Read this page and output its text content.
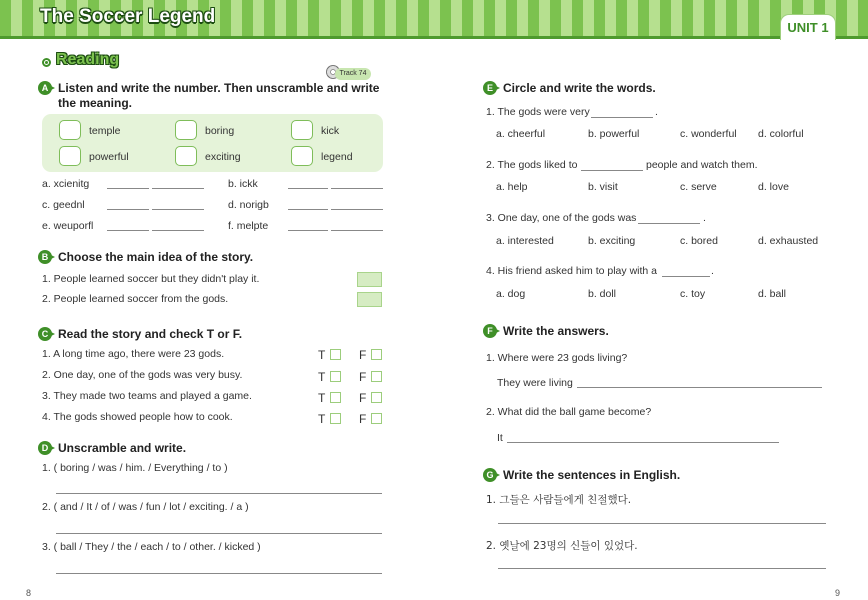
The Soccer Legend
UNIT 1
Reading
Track 74
A Listen and write the number. Then unscramble and write
the meaning.
temple	boring	kick
powerful	exciting	legend
a. xcienitg	b. ickk
c. geednl	d. norigb
e. weuporfl	f. melpte
B Choose the main idea of the story.
1. People learned soccer but they didn't play it.
2. People learned soccer from the gods.
C Read the story and check T or F.
1. A long time ago, there were 23 gods.	T	F
2. One day, one of the gods was very busy.	T	F
3. They made two teams and played a game.	T	F
4. The gods showed people how to cook.	T	F
D Unscramble and write.
1. ( boring / was / him. / Everything / to )
2. ( and / It / of / was / fun / lot / exciting. / a )
3. ( ball / They / the / each / to / other. / kicked )
E Circle and write the words.
1. The gods were very	.
a. cheerful	b. powerful	c. wonderful d. colorful
2. The gods liked to	people and watch them.
a. help	b. visit	c. serve	d. love
3. One day, one of the gods was	.
a. interested	b. exciting	c. bored	d. exhausted
4. His friend asked him to play with a	.
a. dog	b. doll	c. toy	d. ball
F Write the answers.
1. Where were 23 gods living?
They were living
2. What did the ball game become?
It
G Write the sentences in English.
1. 그들은 사람들에게 친절했다.
2. 옛날에 23명의 신들이 있었다.
8	9
